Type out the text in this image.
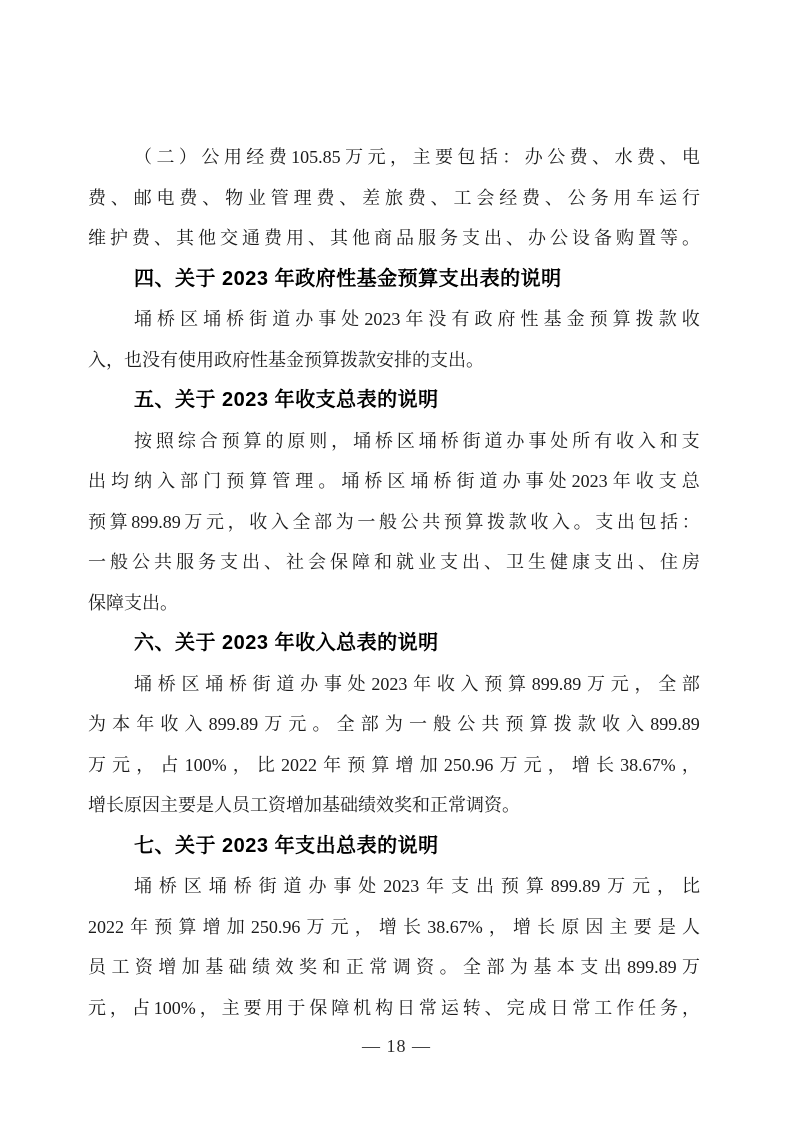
（ 二 ） 公 用 经 费 105.85 万 元 ， 主 要 包 括 ： 办 公 费 、 水 费 、 电
费 、 邮 电 费 、 物 业 管 理 费 、 差 旅 费 、 工 会 经 费 、 公 务 用 车 运 行
维 护 费 、 其 他 交 通 费 用 、 其 他 商 品 服 务 支 出 、 办 公 设 备 购 置 等 。
四、关于 2023 年政府性基金预算支出表的说明
埇 桥 区 埇 桥 街 道 办 事 处 2023 年 没 有 政 府 性 基 金 预 算 拨 款 收
入，也没有使用政府性基金预算拨款安排的支出。
五、关于 2023 年收支总表的说明
按 照 综 合 预 算 的 原 则 ， 埇 桥 区 埇 桥 街 道 办 事 处 所 有 收 入 和 支
出 均 纳 入 部 门 预 算 管 理 。 埇 桥 区 埇 桥 街 道 办 事 处 2023 年 收 支 总
预 算 899.89 万 元 ， 收 入 全 部 为 一 般 公 共 预 算 拨 款 收 入 。 支 出 包 括 ：
一 般 公 共 服 务 支 出 、 社 会 保 障 和 就 业 支 出 、 卫 生 健 康 支 出 、 住 房
保障支出。
六、关于 2023 年收入总表的说明
埇 桥 区 埇 桥 街 道 办 事 处 2023 年 收 入 预 算 899.89 万 元 ， 全 部
为 本 年 收 入 899.89 万 元 。 全 部 为 一 般 公 共 预 算 拨 款 收 入 899.89
万 元 ， 占 100% ， 比 2022 年 预 算 增 加 250.96 万 元 ， 增 长 38.67% ，
增长原因主要是人员工资增加基础绩效奖和正常调资。
七、关于 2023 年支出总表的说明
埇 桥 区 埇 桥 街 道 办 事 处 2023 年 支 出 预 算 899.89 万 元 ， 比
2022 年 预 算 增 加 250.96 万 元 ， 增 长 38.67% ， 增 长 原 因 主 要 是 人
员 工 资 增 加 基 础 绩 效 奖 和 正 常 调 资 。 全 部 为 基 本 支 出 899.89 万
元 ， 占 100% ， 主 要 用 于 保 障 机 构 日 常 运 转 、 完 成 日 常 工 作 任 务 ，
— 18 —
